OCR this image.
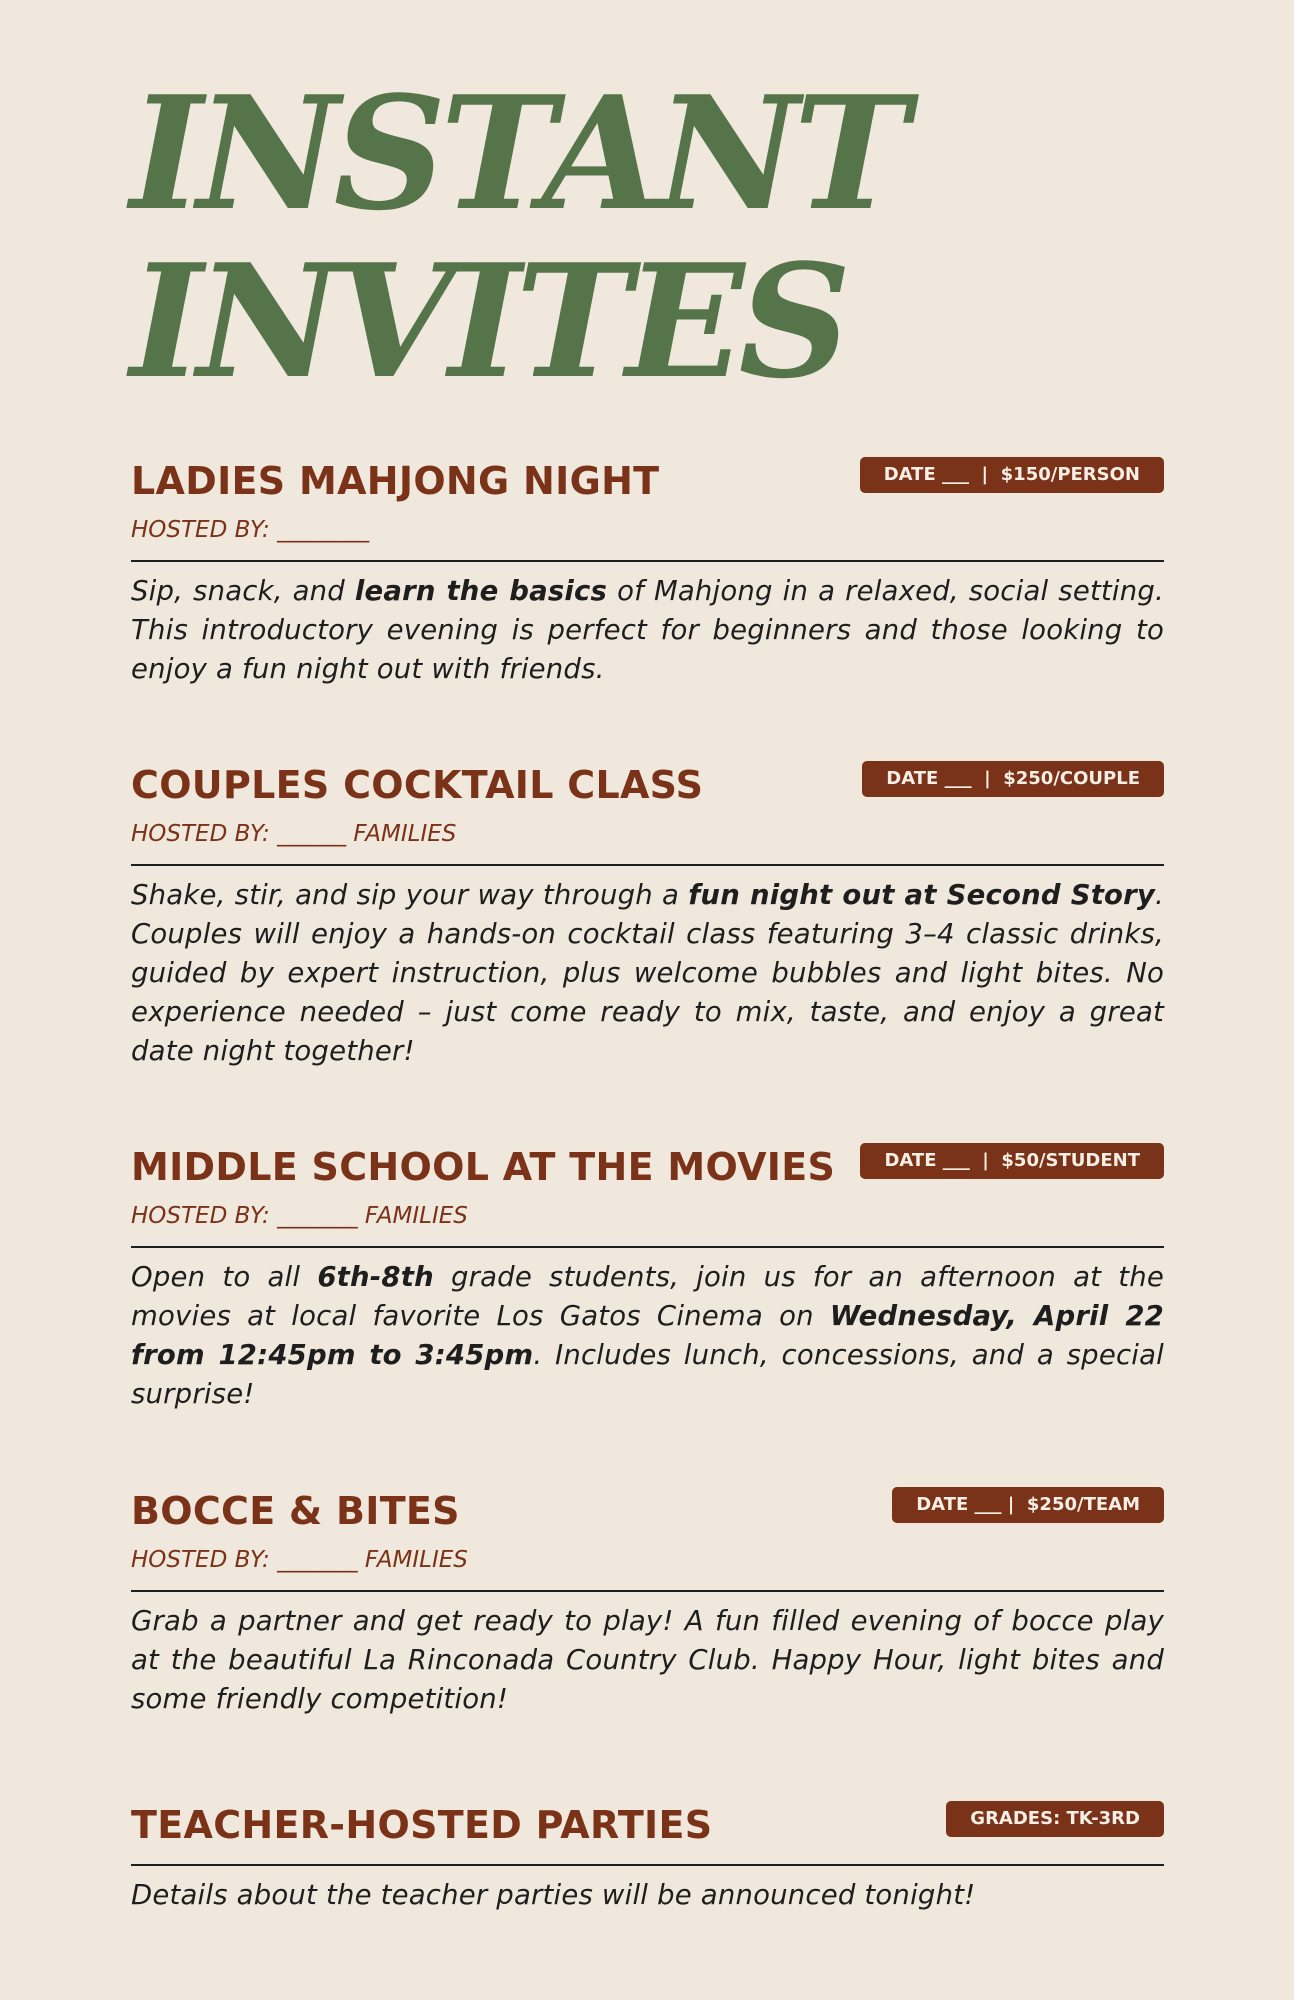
INSTANT
INVITES
LADIES MAHJONG NIGHT	DATE ___  |  $150/PERSON
HOSTED BY: ________

Sip, snack, and learn the basics of Mahjong in a relaxed, social setting. This introductory evening is perfect for beginners and those looking to enjoy a fun night out with friends.

COUPLES COCKTAIL CLASS	DATE ___  |  $250/COUPLE
HOSTED BY: ______ FAMILIES

Shake, stir, and sip your way through a fun night out at Second Story. Couples will enjoy a hands-on cocktail class featuring 3–4 classic drinks, guided by expert instruction, plus welcome bubbles and light bites. No experience needed – just come ready to mix, taste, and enjoy a great date night together!

MIDDLE SCHOOL AT THE MOVIES	DATE ___  |  $50/STUDENT
HOSTED BY: _______ FAMILIES

Open to all 6th-8th grade students, join us for an afternoon at the movies at local favorite Los Gatos Cinema on Wednesday, April 22 from 12:45pm to 3:45pm. Includes lunch, concessions, and a special surprise!

BOCCE & BITES	DATE ___ |  $250/TEAM
HOSTED BY: _______ FAMILIES

Grab a partner and get ready to play! A fun filled evening of bocce play at the beautiful La Rinconada Country Club. Happy Hour, light bites and some friendly competition!

TEACHER-HOSTED PARTIES	GRADES: TK-3RD

Details about the teacher parties will be announced tonight!
